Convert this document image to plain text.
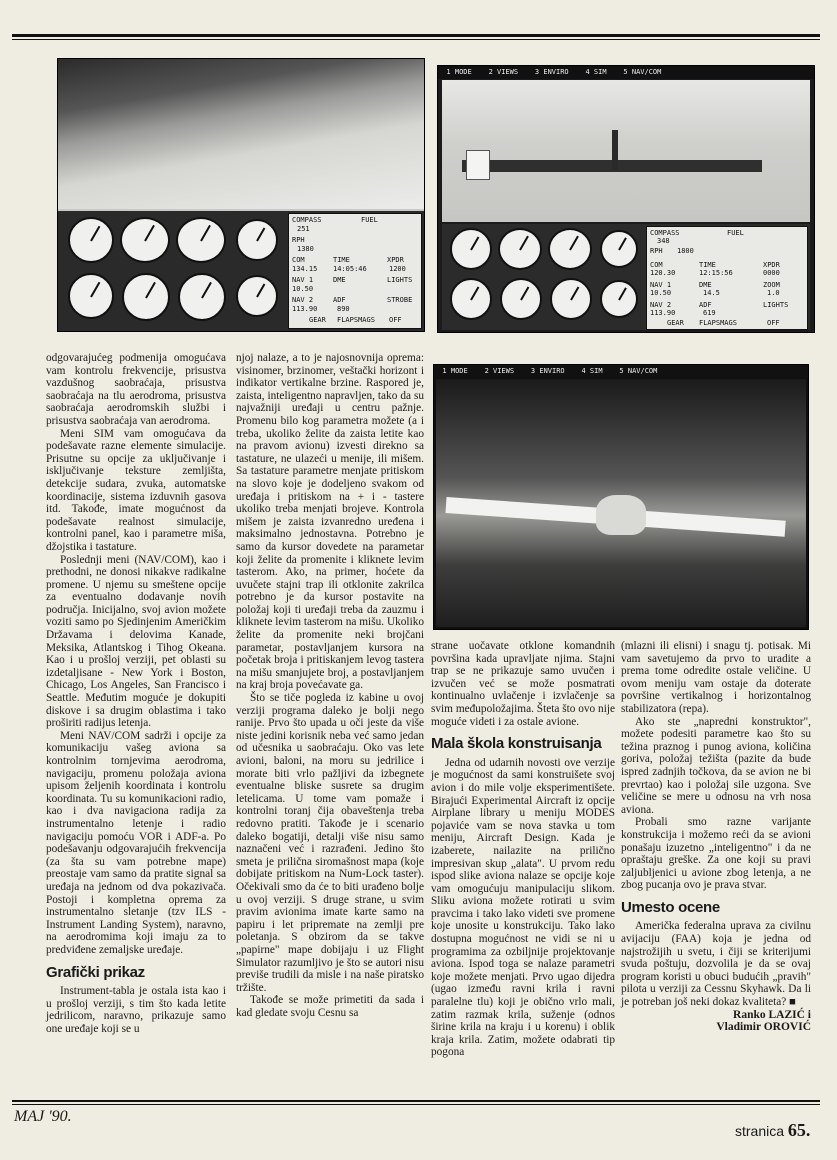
COMPASS
251
FUEL
RPH
1380
COM
134.15
TIME
14:05:46
XPDR
1200
NAV 1
10.50
DME
NAV 2
113.90
ADF
890
LIGHTS
STROBE
GEAR FLAPSMAGS OFF
1 MODE    2 VIEWS    3 ENVIRO    4 SIM    5 NAV/COM
COMPASS
348
FUEL
RPH 1800
COM
120.30
TIME
12:15:56
XPDR
0000
NAV 1
10.50
DME
14.5
ZOOM
1.0
NAV 2
113.90
ADF
619
LIGHTS
GEAR FLAPSMAGS	OFF
1 MODE    2 VIEWS    3 ENVIRO    4 SIM    5 NAV/COM

odgovarajućeg podmenija omogućava vam kontrolu frekvencije, prisustva vazdušnog saobraćaja, prisustva saobraćaja na tlu aerodroma, prisustva saobraćaja aerodromskih službi i prisustva saobraćaja van aerodroma.

Meni SIM vam omogućava da podešavate razne elemente simulacije. Prisutne su opcije za uključivanje i isključivanje teksture zemljišta, detekcije sudara, zvuka, automatske koordinacije, sistema izduvnih gasova itd. Takođe, imate mogućnost da podešavate realnost simulacije, kontrolni panel, kao i parametre miša, džojstika i tastature.

Poslednji meni (NAV/COM), kao i prethodni, ne donosi nikakve radikalne promene. U njemu su smeštene opcije za eventualno dodavanje novih područja. Inicijalno, svoj avion možete voziti samo po Sjedinjenim Američkim Državama i delovima Kanade, Meksika, Atlantskog i Tihog Okeana. Kao i u prošloj verziji, pet oblasti su izdetaljisane - New York i Boston, Chicago, Los Angeles, San Francisco i Seattle. Međutim moguće je dokupiti diskove i sa drugim oblastima i tako proširiti radijus letenja.

Meni NAV/COM sadrži i opcije za komunikaciju vašeg aviona sa kontrolnim tornjevima aerodroma, navigaciju, promenu položaja aviona upisom željenih koordinata i kontrolu koordinata. Tu su komunikacioni radio, kao i dva navigaciona radija za instrumentalno letenje i radio navigaciju pomoću VOR i ADF-a. Po podešavanju odgovarajućih frekvencija (za šta su vam potrebne mape) preostaje vam samo da pratite signal sa uređaja na jednom od dva pokazivača. Postoji i kompletna oprema za instrumentalno sletanje (tzv ILS - Instrument Landing System), naravno, na aerodromima koji imaju za to predviđene zemaljske uređaje.

Grafički prikaz

Instrument-tabla je ostala ista kao i u prošloj verziji, s tim što kada letite jedrilicom, naravno, prikazuje samo one uređaje koji se u

njoj nalaze, a to je najosnovnija oprema: visinomer, brzinomer, veštački horizont i indikator vertikalne brzine. Raspored je, zaista, inteligentno napravljen, tako da su najvažniji uređaji u centru pažnje. Promenu bilo kog parametra možete (a i treba, ukoliko želite da zaista letite kao na pravom avionu) izvesti direkno sa tastature, ne ulazeći u menije, ili mišem. Sa tastature parametre menjate pritiskom na slovo koje je dodeljeno svakom od uređaja i pritiskom na + i - tastere ukoliko treba menjati brojeve. Kontrola mišem je zaista izvanredno uređena i maksimalno jednostavna. Potrebno je samo da kursor dovedete na parametar koji želite da promenite i kliknete levim tasterom. Ako, na primer, hoćete da uvučete stajni trap ili otklonite zakrilca potrebno je da kursor postavite na položaj koji ti uređaji treba da zauzmu i kliknete levim tasterom na mišu. Ukoliko želite da promenite neki brojčani parametar, postavljanjem kursora na početak broja i pritiskanjem levog tastera na mišu smanjujete broj, a postavljanjem na kraj broja povećavate ga.

Što se tiče pogleda iz kabine u ovoj verziji programa daleko je bolji nego ranije. Prvo što upada u oči jeste da više niste jedini korisnik neba već samo jedan od učesnika u saobraćaju. Oko vas lete avioni, baloni, na moru su jedrilice i morate biti vrlo pažljivi da izbegnete eventualne bliske susrete sa drugim letelicama. U tome vam pomaže i kontrolni toranj čija obaveštenja treba redovno pratiti. Takođe je i scenario daleko bogatiji, detalji više nisu samo naznačeni već i razrađeni. Jedino što smeta je prilična siromašnost mapa (koje dobijate pritiskom na Num-Lock taster). Očekivali smo da će to biti urađeno bolje u ovoj verziji. S druge strane, u svim pravim avionima imate karte samo na papiru i let pripremate na zemlji pre poletanja. S obzirom da se takve „papirne" mape dobijaju i uz Flight Simulator razumljivo je što se autori nisu previše trudili da misle i na naše piratsko tržište.

Takođe se može primetiti da sada i kad gledate svoju Cesnu sa

strane uočavate otklone komandnih površina kada upravljate njima. Stajni trap se ne prikazuje samo uvučen i izvučen već se može posmatrati kontinualno uvlačenje i izvlačenje sa svim međupoložajima. Šteta što ovo nije moguće videti i za ostale avione.

Mala škola konstruisanja

Jedna od udarnih novosti ove verzije je mogućnost da sami konstruišete svoj avion i do mile volje eksperimentišete. Birajući Experimental Aircraft iz opcije Airplane library u meniju MODES pojaviće vam se nova stavka u tom meniju, Aircraft Design. Kada je izaberete, nailazite na prilično impresivan skup „alata". U prvom redu ispod slike aviona nalaze se opcije koje vam omogućuju manipulaciju slikom. Sliku aviona možete rotirati u svim pravcima i tako lako videti sve promene koje unosite u konstrukciju. Tako lako dostupna mogućnost ne vidi se ni u programima za ozbiljnije projektovanje aviona. Ispod toga se nalaze parametri koje možete menjati. Prvo ugao dijedra (ugao između ravni krila i ravni paralelne tlu) koji je obično vrlo mali, zatim razmak krila, suženje (odnos širine krila na kraju i u korenu) i oblik kraja krila. Zatim, možete odabrati tip pogona

(mlazni ili elisni) i snagu tj. potisak. Mi vam savetujemo da prvo to uradite a prema tome odredite ostale veličine. U ovom meniju vam ostaje da doterate površine vertikalnog i horizontalnog stabilizatora (repa).

Ako ste „napredni konstruktor", možete podesiti parametre kao što su težina praznog i punog aviona, količina goriva, položaj težišta (pazite da bude ispred zadnjih točkova, da se avion ne bi prevrtao) kao i položaj sile uzgona. Sve veličine se mere u odnosu na vrh nosa aviona.

Probali smo razne varijante konstrukcija i možemo reći da se avioni ponašaju izuzetno „inteligentno" i da ne opraštaju greške. Za one koji su pravi zaljubljenici u avione zbog letenja, a ne zbog pucanja ovo je prava stvar.

Umesto ocene

Američka federalna uprava za civilnu avijaciju (FAA) koja je jedna od najstrožijih u svetu, i čiji se kriterijumi svuda poštuju, dozvolila je da se ovaj program koristi u obuci budućih „pravih" pilota u verziji za Cessnu Skyhawk. Da li je potreban još neki dokaz kvaliteta? ■

Ranko LAZIĆ i
Vladimir OROVIĆ
MAJ '90.
stranica 65.
